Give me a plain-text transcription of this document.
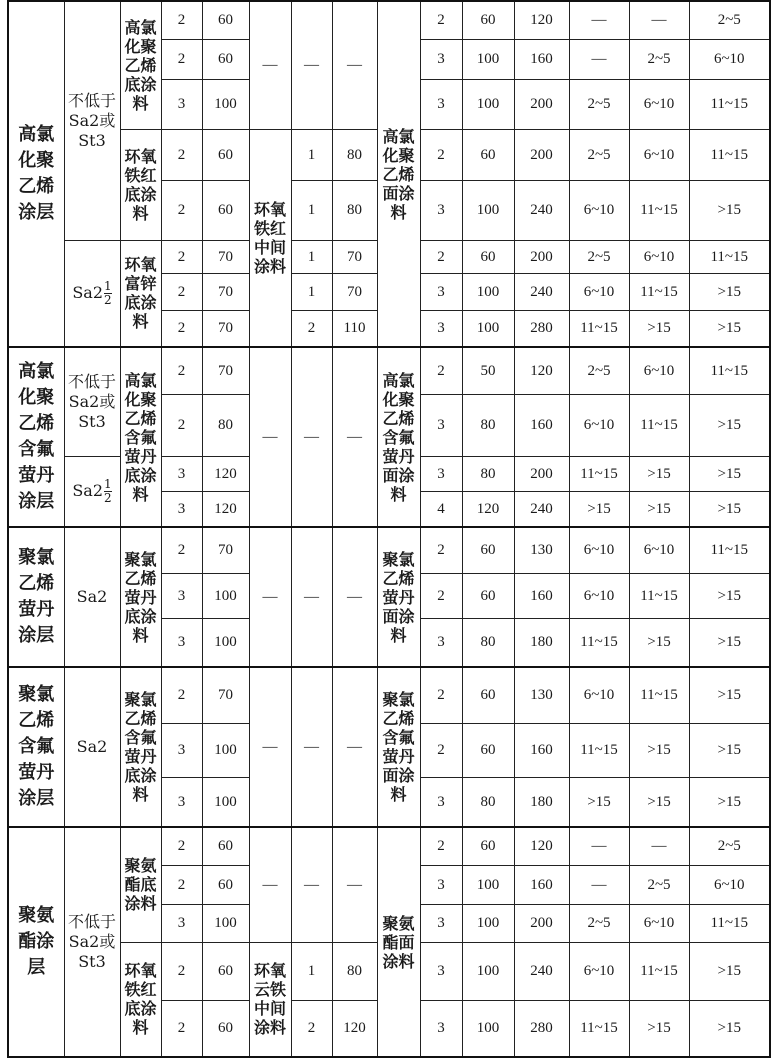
高氯化聚乙烯涂层	不低于Sa2或St3	高氯化聚乙烯底涂料	2	60	—	—	—	高氯化聚乙烯面涂料	2	60	120	—	—	2~5
			2	60					3	100	160	—	2~5	6~10
			3	100					3	100	200	2~5	6~10	11~15
		环氧铁红底涂料	2	60	环氧铁红中间涂料	1	80		2	60	200	2~5	6~10	11~15
			2	60		1	80		3	100	240	6~10	11~15	>15
	$Sa2 \frac{1}{2}$	环氧富锌底涂料	2	70		1	70		2	60	200	2~5	6~10	11~15
			2	70		1	70		3	100	240	6~10	11~15	>15
			2	70		2	110		3	100	280	11~15	>15	>15
高氯化聚乙烯含氟萤丹涂层	不低于Sa2或St3	高氯化聚乙烯含氟萤丹底涂料	2	70	—	—	—	高氯化聚乙烯含氟萤丹面涂料	2	50	120	2~5	6~10	11~15
			2	80					3	80	160	6~10	11~15	>15
	$Sa2 \frac{1}{2}$		3	120					3	80	200	11~15	>15	>15
			3	120					4	120	240	>15	>15	>15
聚氯乙烯萤丹涂层	Sa2	聚氯乙烯萤丹底涂料	2	70	—	—	—	聚氯乙烯萤丹面涂料	2	60	130	6~10	6~10	11~15
			3	100					2	60	160	6~10	11~15	>15
			3	100					3	80	180	11~15	>15	>15
聚氯乙烯含氟萤丹涂层	Sa2	聚氯乙烯含氟萤丹底涂料	2	70	—	—	—	聚氯乙烯含氟萤丹面涂料	2	60	130	6~10	11~15	>15
			3	100					2	60	160	11~15	>15	>15
			3	100					3	80	180	>15	>15	>15
聚氨酯涂层	不低于Sa2或St3	聚氨酯底涂料	2	60	—	—	—	聚氨酯面涂料	2	60	120	—	—	2~5
			2	60					3	100	160	—	2~5	6~10
			3	100					3	100	200	2~5	6~10	11~15
		环氧铁红底涂料	2	60	环氧云铁中间涂料	1	80		3	100	240	6~10	11~15	>15
			2	60		2	120		3	100	280	11~15	>15	>15
